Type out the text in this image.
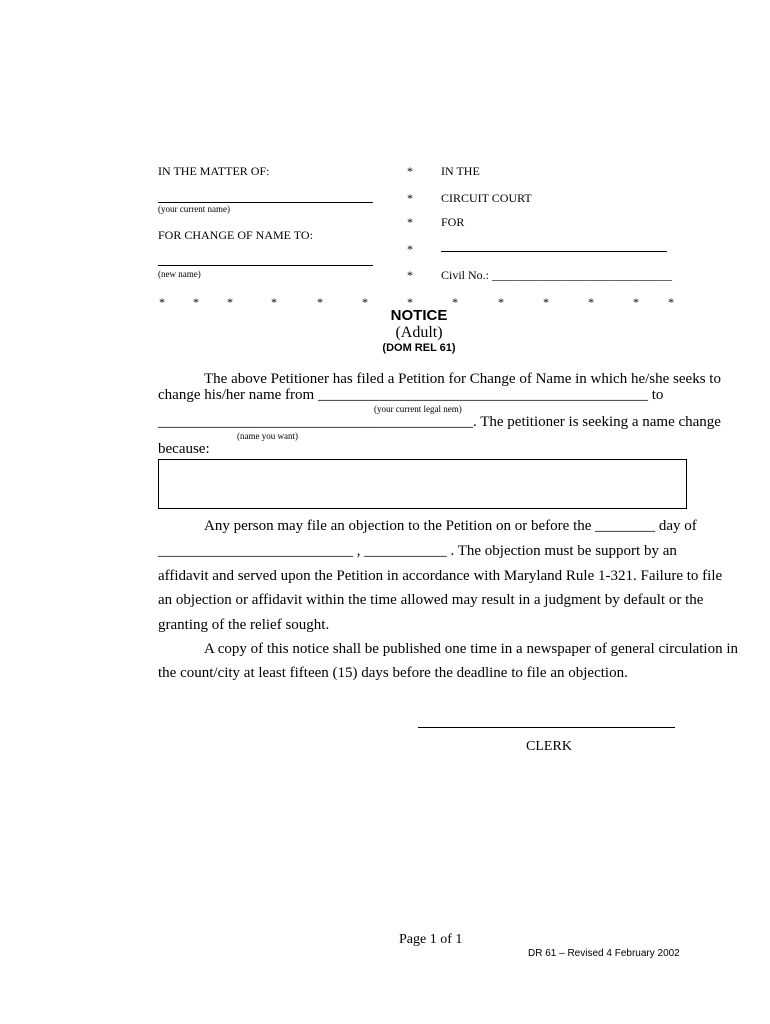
IN THE MATTER OF:
(your current name)
FOR CHANGE OF NAME TO:
(new name)
*
*
*
*
*
IN THE
CIRCUIT COURT
FOR
Civil No.: ______________________________
* * *	*	*	*	*	*	*	*	*	* *
NOTICE
(Adult)
(DOM REL 61)
The above Petitioner has filed a Petition for Change of Name in which he/she seeks to
change his/her name from ____________________________________________ to
(your current legal nem)
__________________________________________. The petitioner is seeking a name change
(name you want)
because:
Any person may file an objection to the Petition on or before the ________ day of
__________________________ , ___________ . The objection must be support by an
affidavit and served upon the Petition in accordance with Maryland Rule 1-321. Failure to file
an objection or affidavit within the time allowed may result in a judgment by default or the
granting of the relief sought.
A copy of this notice shall be published one time in a newspaper of general circulation in
the count/city at least fifteen (15) days before the deadline to file an objection.
CLERK
Page 1 of 1
DR 61 – Revised 4 February 2002
